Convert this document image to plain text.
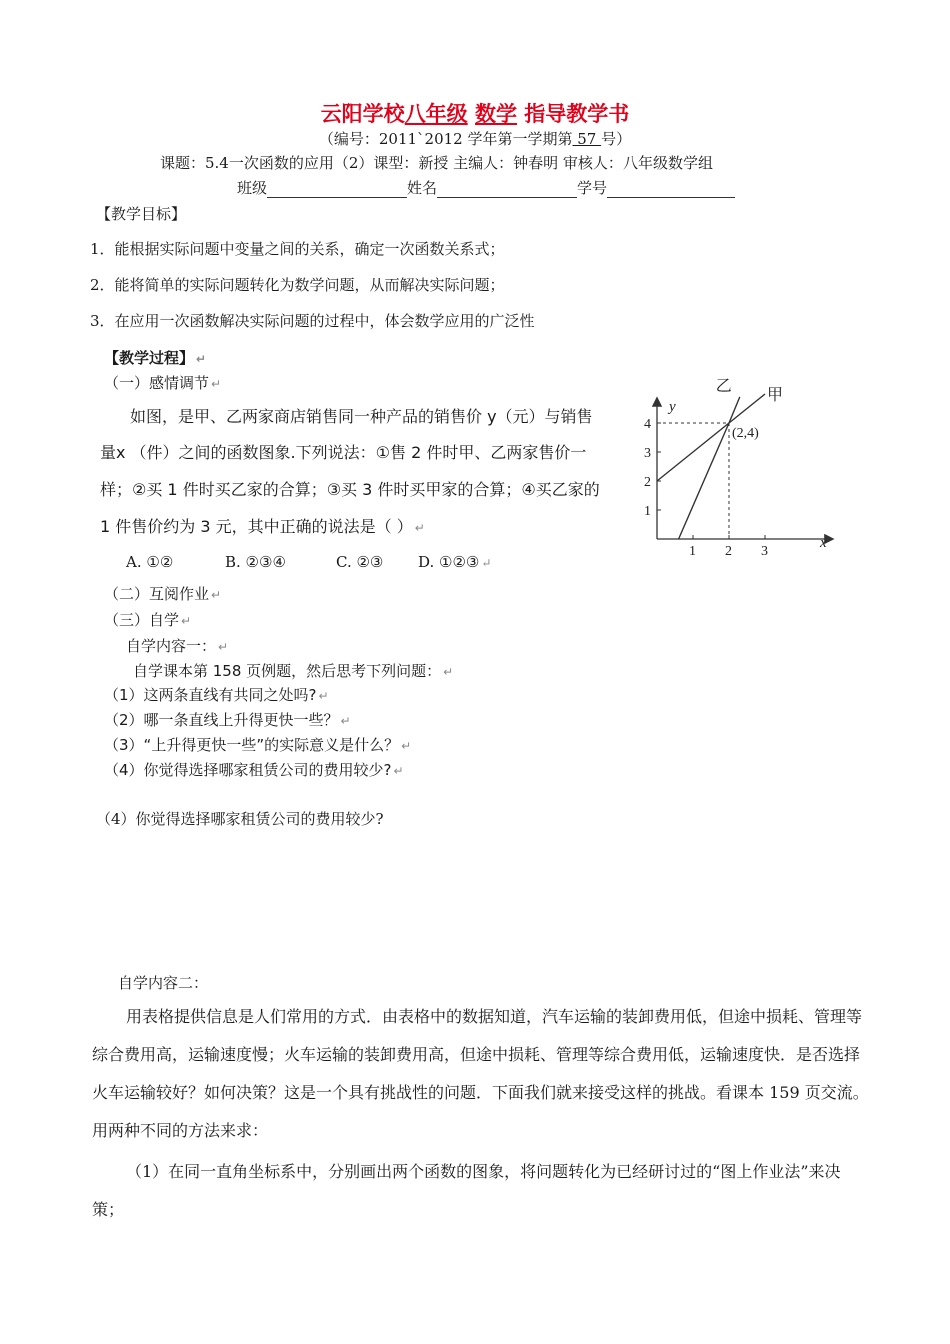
云阳学校八年级 数学 指导教学书
（编号：2011`2012 学年第一学期第 57 号）
课题：5.4一次函数的应用（2）课型：新授 主编人：钟春明 审核人：八年级数学组
班级	姓名	学号
【教学目标】
1．能根据实际问题中变量之间的关系，确定一次函数关系式；
2．能将简单的实际问题转化为数学问题，从而解决实际问题；
3．在应用一次函数解决实际问题的过程中，体会数学应用的广泛性
【教学过程】 ↵
（一）感情调节 ↵
如图，是甲、乙两家商店销售同一种产品的销售价 y（元）与销售
量x （件）之间的函数图象.下列说法：①售 2 件时甲、乙两家售价一
样；②买 1 件时买乙家的合算；③买 3 件时买甲家的合算；④买乙家的
1 件售价约为 3 元，其中正确的说法是（ ） ↵
A. ①②	B. ②③④	C. ②③ D. ①②③ ↵
（二）互阅作业 ↵
（三）自学 ↵
自学内容一： ↵
自学课本第 158 页例题，然后思考下列问题： ↵
（1）这两条直线有共同之处吗? ↵
（2）哪一条直线上升得更快一些？ ↵
（3）“上升得更快一些”的实际意义是什么？ ↵
（4）你觉得选择哪家租赁公司的费用较少? ↵
（4）你觉得选择哪家租赁公司的费用较少?
自学内容二：

用表格提供信息是人们常用的方式．由表格中的数据知道，汽车运输的装卸费用低，但途中损耗、管理等综合费用高，运输速度慢；火车运输的装卸费用高，但途中损耗、管理等综合费用低，运输速度快．是否选择火车运输较好？如何决策？这是一个具有挑战性的问题．下面我们就来接受这样的挑战。看课本 159 页交流。用两种不同的方法来求：

（1）在同一直角坐标系中，分别画出两个函数的图象，将问题转化为已经研讨过的“图上作业法”来决策；

x
y
1 2 3
1
2
3
4
甲
乙
(2,4)
